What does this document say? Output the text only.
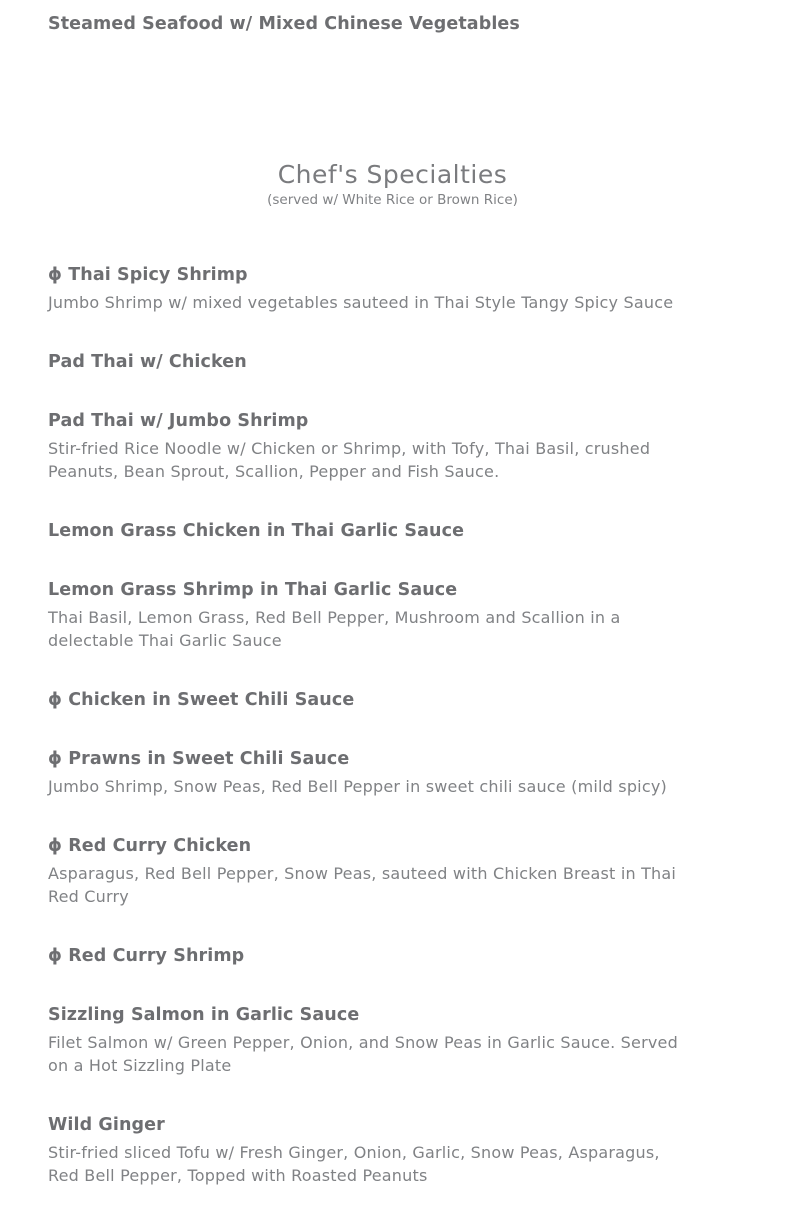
Steamed Seafood w/ Mixed Chinese Vegetables
Chef's Specialties
(served w/ White Rice or Brown Rice)
ϕ Thai Spicy Shrimp
Jumbo Shrimp w/ mixed vegetables sauteed in Thai Style Tangy Spicy Sauce
Pad Thai w/ Chicken
Pad Thai w/ Jumbo Shrimp
Stir-fried Rice Noodle w/ Chicken or Shrimp, with Tofy, Thai Basil, crushed Peanuts, Bean Sprout, Scallion, Pepper and Fish Sauce.
Lemon Grass Chicken in Thai Garlic Sauce
Lemon Grass Shrimp in Thai Garlic Sauce
Thai Basil, Lemon Grass, Red Bell Pepper, Mushroom and Scallion in a delectable Thai Garlic Sauce
ϕ Chicken in Sweet Chili Sauce
ϕ Prawns in Sweet Chili Sauce
Jumbo Shrimp, Snow Peas, Red Bell Pepper in sweet chili sauce (mild spicy)
ϕ Red Curry Chicken
Asparagus, Red Bell Pepper, Snow Peas, sauteed with Chicken Breast in Thai Red Curry
ϕ Red Curry Shrimp
Sizzling Salmon in Garlic Sauce
Filet Salmon w/ Green Pepper, Onion, and Snow Peas in Garlic Sauce. Served on a Hot Sizzling Plate
Wild Ginger
Stir-fried sliced Tofu w/ Fresh Ginger, Onion, Garlic, Snow Peas, Asparagus, Red Bell Pepper, Topped with Roasted Peanuts
